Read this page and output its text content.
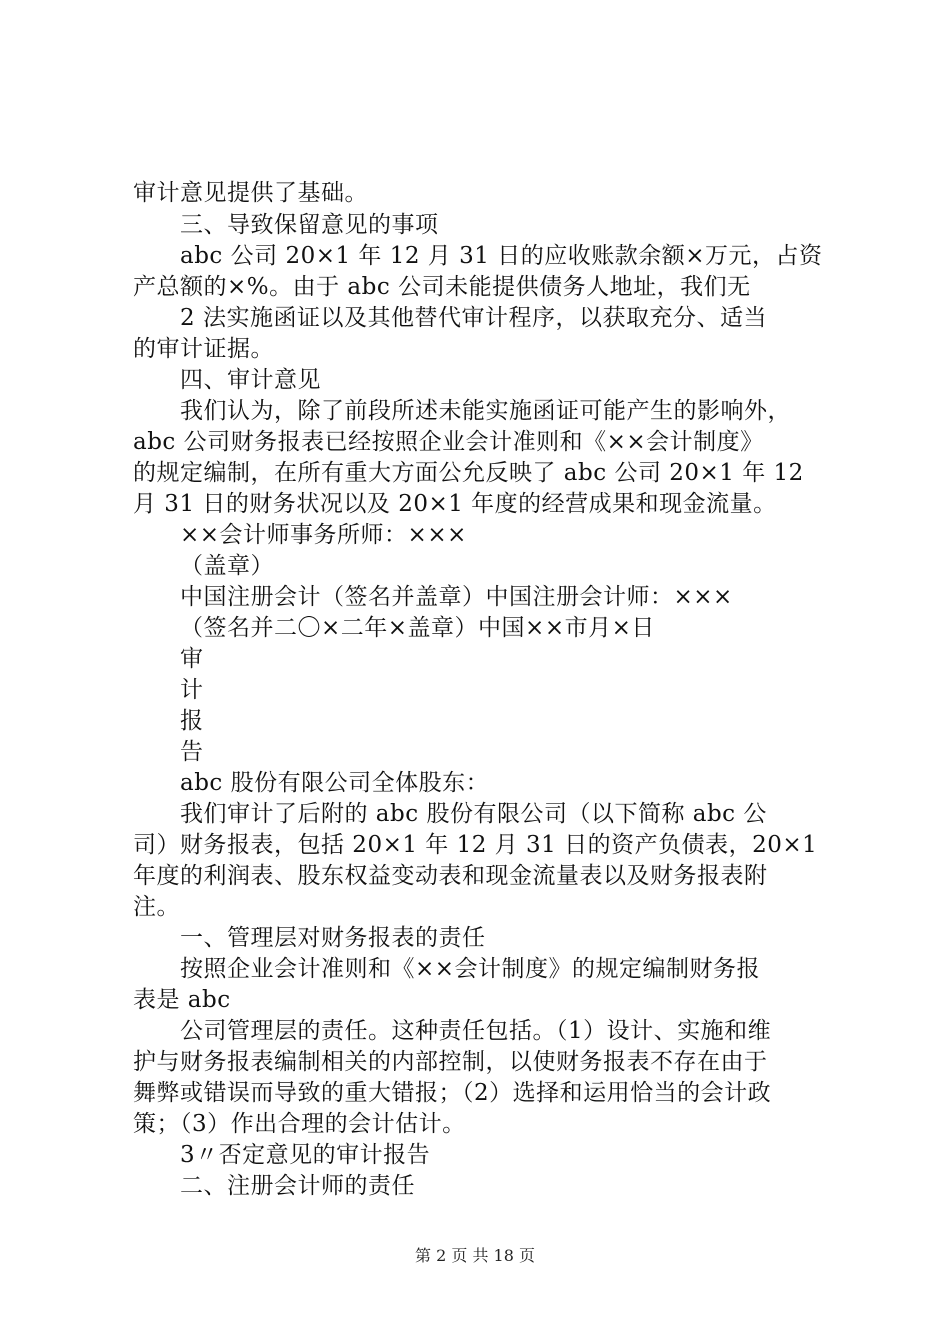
审计意见提供了基础。
三、导致保留意见的事项
abc 公司 20×1 年 12 月 31 日的应收账款余额×万元，占资
产总额的×%。由于 abc 公司未能提供债务人地址，我们无
2 法实施函证以及其他替代审计程序，以获取充分、适当
的审计证据。
四、审计意见
我们认为，除了前段所述未能实施函证可能产生的影响外，
abc 公司财务报表已经按照企业会计准则和《××会计制度》
的规定编制，在所有重大方面公允反映了 abc 公司 20×1 年 12
月 31 日的财务状况以及 20×1 年度的经营成果和现金流量。
××会计师事务所师：×××
（盖章）
中国注册会计（签名并盖章）中国注册会计师：×××
（签名并二〇×二年×盖章）中国××市月×日
审
计
报
告
abc 股份有限公司全体股东：
我们审计了后附的 abc 股份有限公司（以下简称 abc 公
司）财务报表，包括 20×1 年 12 月 31 日的资产负债表，20×1
年度的利润表、股东权益变动表和现金流量表以及财务报表附
注。
一、管理层对财务报表的责任
按照企业会计准则和《××会计制度》的规定编制财务报
表是 abc
公司管理层的责任。这种责任包括。（1）设计、实施和维
护与财务报表编制相关的内部控制，以使财务报表不存在由于
舞弊或错误而导致的重大错报；（2）选择和运用恰当的会计政
策；（3）作出合理的会计估计。
3〃否定意见的审计报告
二、注册会计师的责任
第 2 页 共 18 页
